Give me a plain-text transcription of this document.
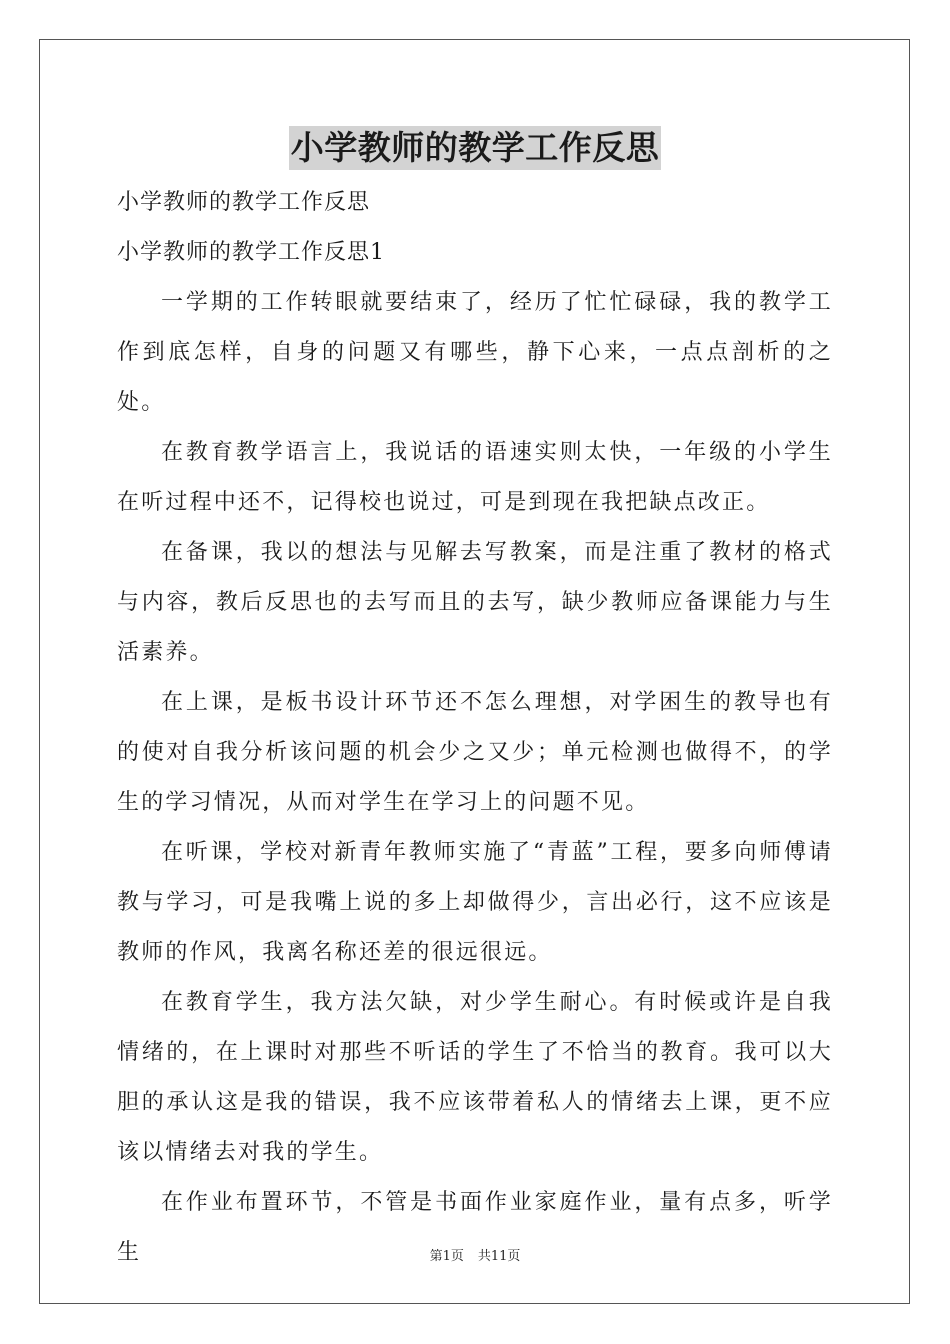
小学教师的教学工作反思

小学教师的教学工作反思

小学教师的教学工作反思1

一学期的工作转眼就要结束了，经历了忙忙碌碌，我的教学工作到底怎样，自身的问题又有哪些，静下心来，一点点剖析的之处。

在教育教学语言上，我说话的语速实则太快，一年级的小学生在听过程中还不，记得校也说过，可是到现在我把缺点改正。

在备课，我以的想法与见解去写教案，而是注重了教材的格式与内容，教后反思也的去写而且的去写，缺少教师应备课能力与生活素养。

在上课，是板书设计环节还不怎么理想，对学困生的教导也有的使对自我分析该问题的机会少之又少；单元检测也做得不，的学生的学习情况，从而对学生在学习上的问题不见。

在听课，学校对新青年教师实施了“青蓝”工程，要多向师傅请教与学习，可是我嘴上说的多上却做得少，言出必行，这不应该是教师的作风，我离名称还差的很远很远。

在教育学生，我方法欠缺，对少学生耐心。有时候或许是自我情绪的，在上课时对那些不听话的学生了不恰当的教育。我可以大胆的承认这是我的错误，我不应该带着私人的情绪去上课，更不应该以情绪去对我的学生。

在作业布置环节，不管是书面作业家庭作业，量有点多，听学生	第1页 共11页
